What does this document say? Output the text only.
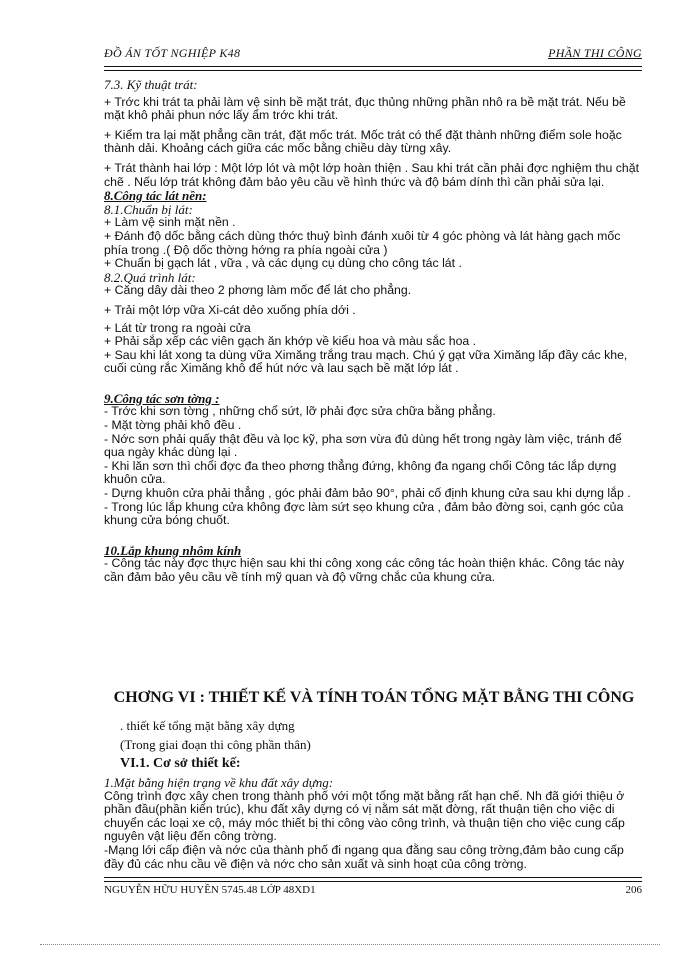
ĐỒ ÁN TỐT NGHIỆP K48	PHẦN THI CÔNG

7.3. Kỹ thuật trát:

+ Trớc khi trát ta phải làm vệ sinh bề mặt trát, đục thủng những phần nhô ra bề mặt trát. Nếu bề mặt khô phải phun nớc lấy ẩm trớc khi trát.

+ Kiểm tra lại mặt phẳng cần trát, đặt mốc trát. Mốc trát có thể đặt thành những điểm sole hoặc thành dải. Khoảng cách giữa các mốc bằng chiều dày từng xây.

+ Trát thành hai lớp : Một lớp lót và một lớp hoàn thiện . Sau khi trát cần phải đợc nghiệm thu chặt chẽ . Nếu lớp trát không đảm bảo yêu cầu về hình thức và độ bám dính thì cần phải sửa lại.

8.Công tác lát nền:

8.1.Chuẩn bị lát:

+ Làm vệ sinh mặt nền .

+ Đánh độ dốc bằng cách dùng thớc thuỷ bình đánh xuôi từ 4 góc phòng và lát hàng gạch mốc phía trong .( Độ dốc thờng hớng ra phía ngoài cửa )

+ Chuẩn bị gạch lát , vữa , và các dụng cụ dùng cho công tác lát .

8.2.Quá trình lát:

+ Căng dây dài theo 2 phơng làm mốc để lát cho phẳng.

+ Trải một lớp vữa Xi-cát dẻo xuống phía dới .

+ Lát từ trong ra ngoài cửa

+ Phải sắp xếp các viên gạch ăn khớp về kiểu hoa và màu sắc hoa .

+ Sau khi lát xong ta dùng vữa Ximăng trắng trau mạch. Chú ý gạt vữa Ximăng lấp đầy các khe, cuối cùng rắc Ximăng khô để hút nớc và lau sạch bề mặt lớp lát .

9.Công tác sơn tờng :

- Trớc khi sơn tờng , những chổ sứt, lỡ phải đợc sửa chữa bằng phẳng.

- Mặt tờng phải khô đều .

- Nớc sơn phải quấy thật đều và lọc kỹ, pha sơn vừa đủ dùng hết trong ngày làm việc, tránh để qua ngày khác dùng lại .

- Khi lăn sơn thì chổi đợc đa theo phơng thẳng đứng, không đa ngang chổi Công tác lắp dựng khuôn cửa.

- Dựng khuôn cửa phải thẳng , góc phải đảm bảo 90°, phải cố định khung cửa sau khi dựng lắp .

- Trong lúc lắp khung cửa không đợc làm sứt sẹo khung cửa , đảm bảo đờng soi, cạnh góc của khung cửa bóng chuốt.

10.Lắp khung nhôm kính

- Công tác này đợc thực hiện sau khi thi công xong các công tác hoàn thiện khác. Công tác này cần đảm bảo yêu cầu về tính mỹ quan và độ vững chắc của khung cửa.

CHƠNG VI : THIẾT KẾ VÀ TÍNH TOÁN TỔNG MẶT BẰNG THI CÔNG
. thiết kế tổng mặt bằng xây dựng
(Trong giai đoạn thi công phần thân)
VI.1. Cơ sở thiết kế:

1.Mặt bằng hiện trạng về khu đất xây dựng:

Công trình đợc xây chen trong thành phố với một tổng mặt bằng rất hạn chế. Nh đã giới thiệu ở phần đầu(phần kiến trúc), khu đất xây dựng có vị nằm sát mặt đờng, rất thuận tiện cho việc di chuyển các loại xe cộ, máy móc thiết bị thi công vào công trình, và thuận tiện cho việc cung cấp nguyên vật liệu đến công trờng.

-Mạng lới cấp điện và nớc của thành phố đi ngang qua đằng sau công trờng,đảm bảo cung cấp đầy đủ các nhu cầu về điện và nớc cho sản xuất và sinh hoạt của công trờng.

NGUYỄN HỮU HUYỀN 5745.48 LỚP 48XD1	206
